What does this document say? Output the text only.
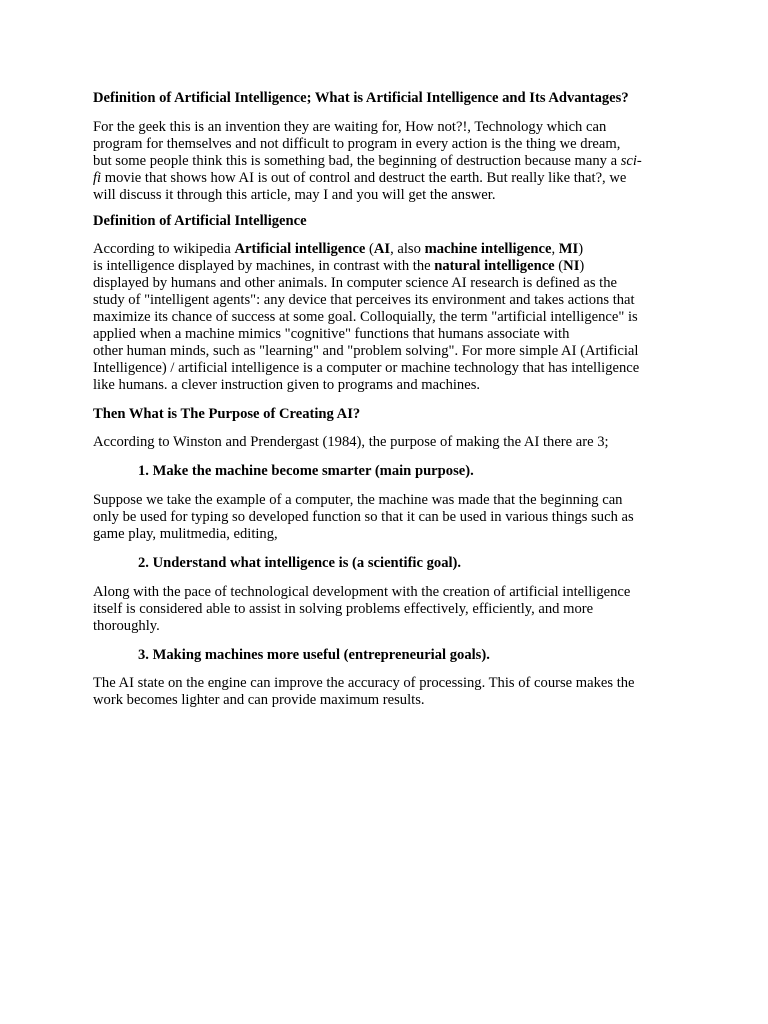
Definition of Artificial Intelligence; What is Artificial Intelligence and Its Advantages?

For the geek this is an invention they are waiting for, How not?!, Technology which can
program for themselves and not difficult to program in every action is the thing we dream,
but some people think this is something bad, the beginning of destruction because many a sci-
fi movie that shows how AI is out of control and destruct the earth. But really like that?, we
will discuss it through this article, may I and you will get the answer.

Definition of Artificial Intelligence

According to wikipedia Artificial intelligence (AI, also machine intelligence, MI)
is intelligence displayed by machines, in contrast with the natural intelligence (NI)
displayed by humans and other animals. In computer science AI research is defined as the
study of "intelligent agents": any device that perceives its environment and takes actions that
maximize its chance of success at some goal. Colloquially, the term "artificial intelligence" is
applied when a machine mimics "cognitive" functions that humans associate with
other human minds, such as "learning" and "problem solving". For more simple AI (Artificial
Intelligence) / artificial intelligence is a computer or machine technology that has intelligence
like humans. a clever instruction given to programs and machines.

Then What is The Purpose of Creating AI?

According to Winston and Prendergast (1984), the purpose of making the AI there are 3;

1. Make the machine become smarter (main purpose).

Suppose we take the example of a computer, the machine was made that the beginning can
only be used for typing so developed function so that it can be used in various things such as
game play, mulitmedia, editing,

2. Understand what intelligence is (a scientific goal).

Along with the pace of technological development with the creation of artificial intelligence
itself is considered able to assist in solving problems effectively, efficiently, and more
thoroughly.

3. Making machines more useful (entrepreneurial goals).

The AI state on the engine can improve the accuracy of processing. This of course makes the
work becomes lighter and can provide maximum results.
